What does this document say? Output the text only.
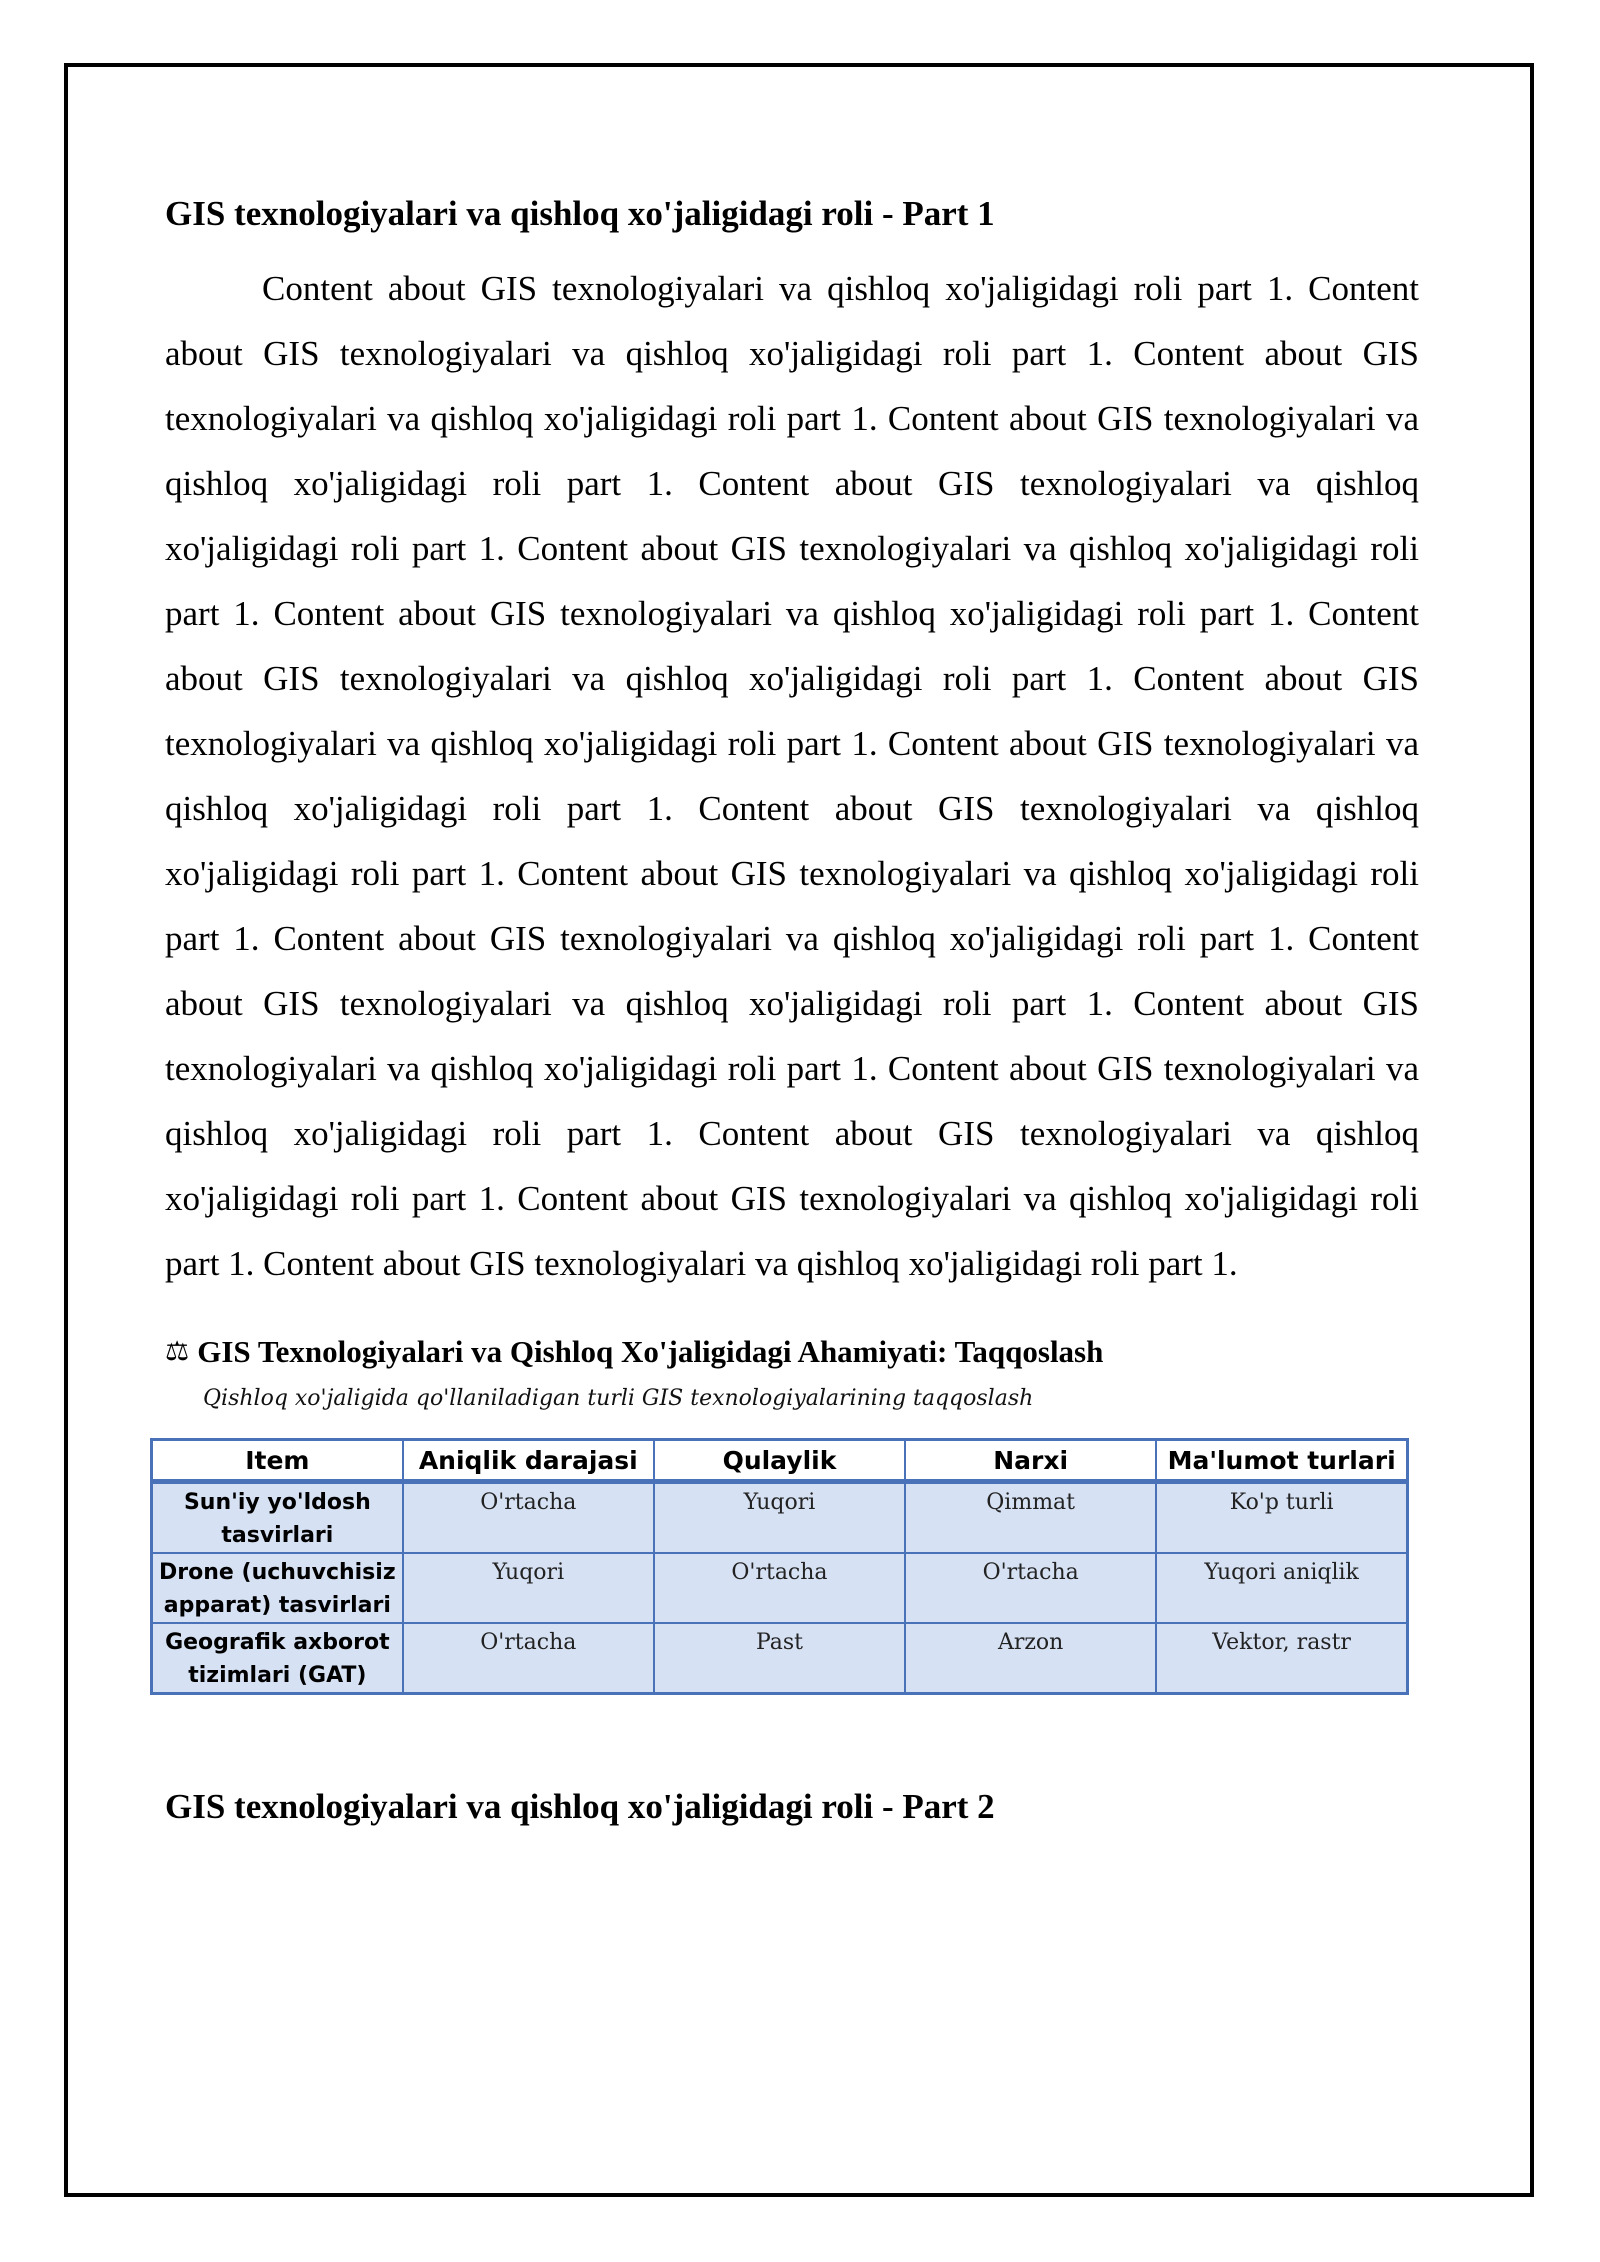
GIS texnologiyalari va qishloq xo'jaligidagi roli - Part 1

Content about GIS texnologiyalari va qishloq xo'jaligidagi roli part 1. Content about GIS texnologiyalari va qishloq xo'jaligidagi roli part 1. Content about GIS texnologiyalari va qishloq xo'jaligidagi roli part 1. Content about GIS texnologiyalari va qishloq xo'jaligidagi roli part 1. Content about GIS texnologiyalari va qishloq xo'jaligidagi roli part 1. Content about GIS texnologiyalari va qishloq xo'jaligidagi roli part 1. Content about GIS texnologiyalari va qishloq xo'jaligidagi roli part 1. Content about GIS texnologiyalari va qishloq xo'jaligidagi roli part 1. Content about GIS texnologiyalari va qishloq xo'jaligidagi roli part 1. Content about GIS texnologiyalari va qishloq xo'jaligidagi roli part 1. Content about GIS texnologiyalari va qishloq xo'jaligidagi roli part 1. Content about GIS texnologiyalari va qishloq xo'jaligidagi roli part 1. Content about GIS texnologiyalari va qishloq xo'jaligidagi roli part 1. Content about GIS texnologiyalari va qishloq xo'jaligidagi roli part 1. Content about GIS texnologiyalari va qishloq xo'jaligidagi roli part 1. Content about GIS texnologiyalari va qishloq xo'jaligidagi roli part 1. Content about GIS texnologiyalari va qishloq xo'jaligidagi roli part 1. Content about GIS texnologiyalari va qishloq xo'jaligidagi roli part 1. Content about GIS texnologiyalari va qishloq xo'jaligidagi roli part 1.

⚖ GIS Texnologiyalari va Qishloq Xo'jaligidagi Ahamiyati: Taqqoslash
Qishloq xo'jaligida qo'llaniladigan turli GIS texnologiyalarining taqqoslash
Item	Aniqlik darajasi	Qulaylik	Narxi	Ma'lumot turlari
Sun'iy yo'ldosh tasvirlari	O'rtacha	Yuqori	Qimmat	Ko'p turli
Drone (uchuvchisiz apparat) tasvirlari	Yuqori	O'rtacha	O'rtacha	Yuqori aniqlik
Geografik axborot tizimlari (GAT)	O'rtacha	Past	Arzon	Vektor, rastr
GIS texnologiyalari va qishloq xo'jaligidagi roli - Part 2
